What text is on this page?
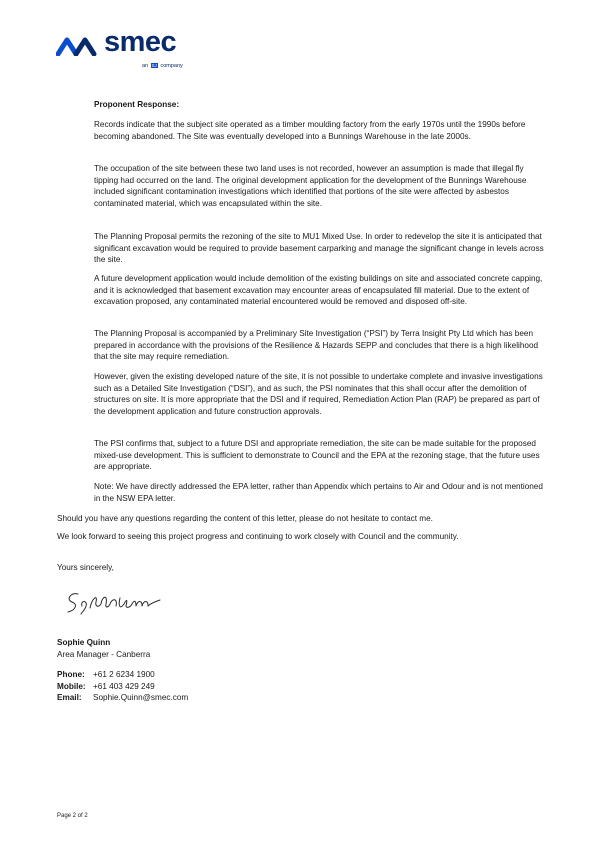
smec
an SJ company

Proponent Response:

Records indicate that the subject site operated as a timber moulding factory from the early 1970s until the 1990s before becoming abandoned. The Site was eventually developed into a Bunnings Warehouse in the late 2000s.

The occupation of the site between these two land uses is not recorded, however an assumption is made that illegal fly tipping had occurred on the land. The original development application for the development of the Bunnings Warehouse included significant contamination investigations which identified that portions of the site were affected by asbestos contaminated material, which was encapsulated within the site.

The Planning Proposal permits the rezoning of the site to MU1 Mixed Use. In order to redevelop the site it is anticipated that significant excavation would be required to provide basement carparking and manage the significant change in levels across the site.

A future development application would include demolition of the existing buildings on site and associated concrete capping, and it is acknowledged that basement excavation may encounter areas of encapsulated fill material. Due to the extent of excavation proposed, any contaminated material encountered would be removed and disposed off-site.

The Planning Proposal is accompanied by a Preliminary Site Investigation (“PSI”) by Terra Insight Pty Ltd which has been prepared in accordance with the provisions of the Resilience & Hazards SEPP and concludes that there is a high likelihood that the site may require remediation.

However, given the existing developed nature of the site, it is not possible to undertake complete and invasive investigations such as a Detailed Site Investigation (“DSI”), and as such, the PSI nominates that this shall occur after the demolition of structures on site. It is more appropriate that the DSI and if required, Remediation Action Plan (RAP) be prepared as part of the development application and future construction approvals.

The PSI confirms that, subject to a future DSI and appropriate remediation, the site can be made suitable for the proposed mixed-use development. This is sufficient to demonstrate to Council and the EPA at the rezoning stage, that the future uses are appropriate.

Note: We have directly addressed the EPA letter, rather than Appendix which pertains to Air and Odour and is not mentioned in the NSW EPA letter.

Should you have any questions regarding the content of this letter, please do not hesitate to contact me.

We look forward to seeing this project progress and continuing to work closely with Council and the community.

Yours sincerely,

Sophie Quinn

Area Manager - Canberra

Phone: +61 2 6234 1900

Mobile: +61 403 429 249

Email: Sophie.Quinn@smec.com

Page 2 of 2
